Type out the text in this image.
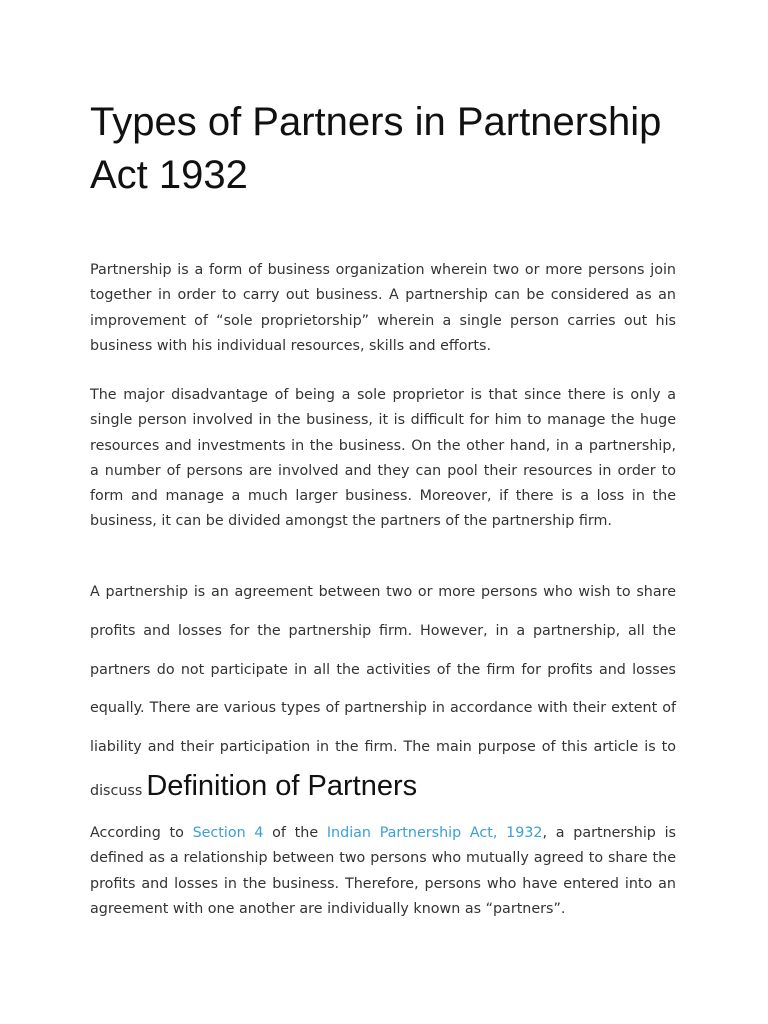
Types of Partners in Partnership Act 1932

Partnership is a form of business organization wherein two or more persons join together in order to carry out business. A partnership can be considered as an improvement of “sole proprietorship” wherein a single person carries out his business with his individual resources, skills and efforts.

The major disadvantage of being a sole proprietor is that since there is only a single person involved in the business, it is difficult for him to manage the huge resources and investments in the business. On the other hand, in a partnership, a number of persons are involved and they can pool their resources in order to form and manage a much larger business. Moreover, if there is a loss in the business, it can be divided amongst the partners of the partnership firm.

A partnership is an agreement between two or more persons who wish to share profits and losses for the partnership firm. However, in a partnership, all the partners do not participate in all the activities of the firm for profits and losses equally. There are various types of partnership in accordance with their extent of liability and their participation in the firm. The main purpose of this article is to discuss Definition of Partners

According to Section 4 of the Indian Partnership Act, 1932, a partnership is defined as a relationship between two persons who mutually agreed to share the profits and losses in the business. Therefore, persons who have entered into an agreement with one another are individually known as “partners”.
